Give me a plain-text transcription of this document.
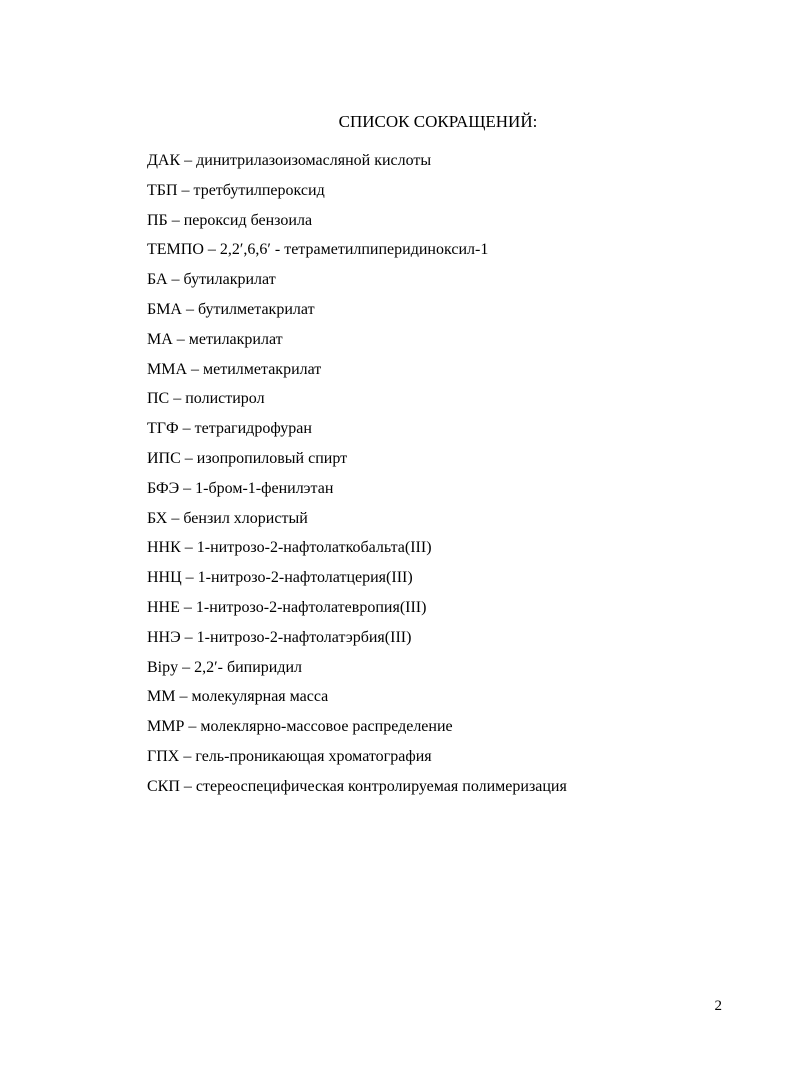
СПИСОК СОКРАЩЕНИЙ:
ДАК – динитрилазоизомасляной кислоты
ТБП – третбутилпероксид
ПБ – пероксид бензоила
ТЕМПО – 2,2′,6,6′ - тетраметилпиперидиноксил-1
БА – бутилакрилат
БМА – бутилметакрилат
МА – метилакрилат
ММА – метилметакрилат
ПС – полистирол
ТГФ – тетрагидрофуран
ИПС – изопропиловый спирт
БФЭ – 1-бром-1-фенилэтан
БХ – бензил хлористый
ННК – 1-нитрозо-2-нафтолаткобальта(III)
ННЦ – 1-нитрозо-2-нафтолатцерия(III)
ННЕ – 1-нитрозо-2-нафтолатевропия(III)
ННЭ – 1-нитрозо-2-нафтолатэрбия(III)
Bipy – 2,2′- бипиридил
ММ – молекулярная масса
ММР – молеклярно-массовое распределение
ГПХ – гель-проникающая хроматография
СКП – стереоспецифическая контролируемая полимеризация
2
